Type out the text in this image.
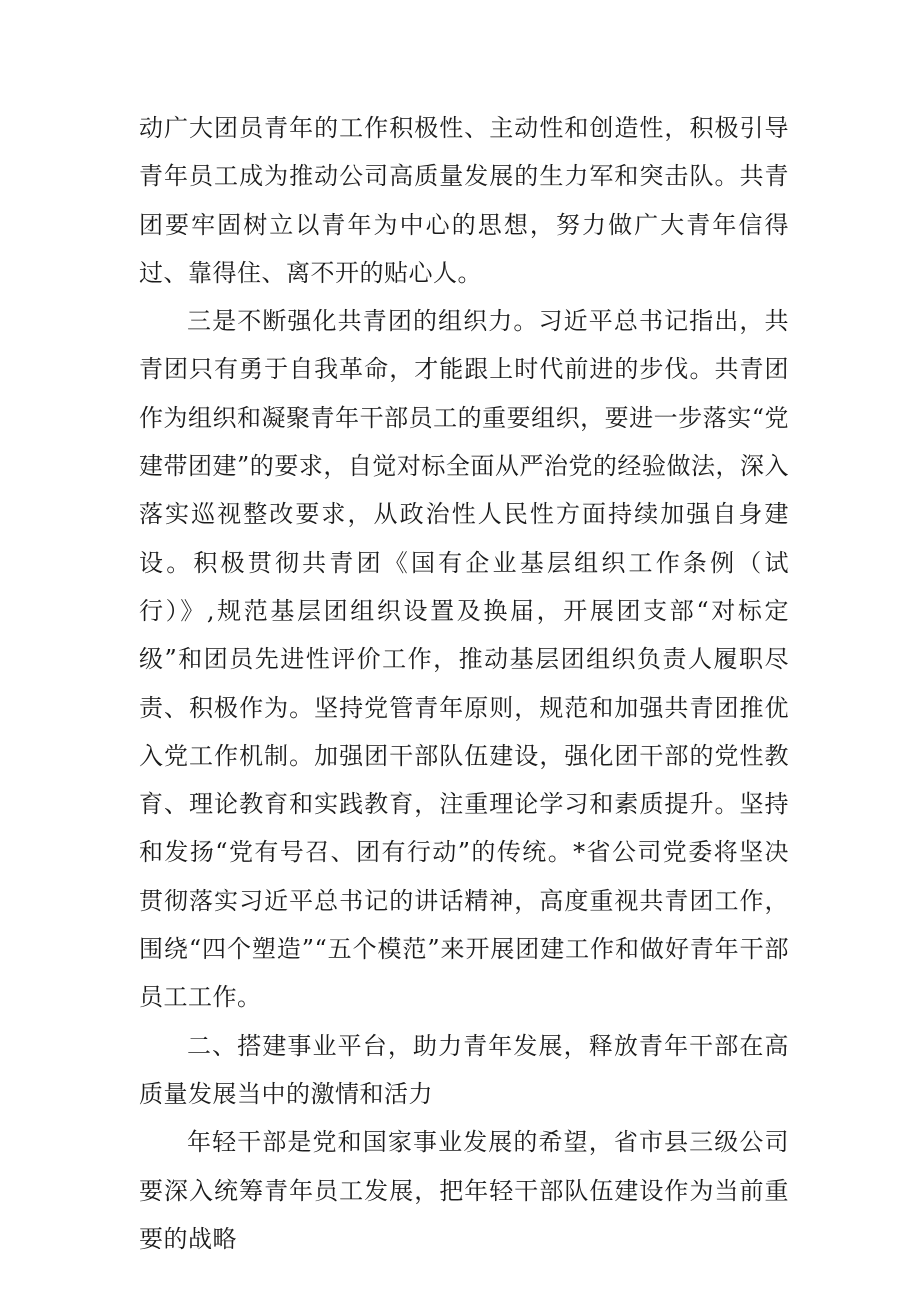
动广大团员青年的工作积极性、主动性和创造性，积极引导青年员工成为推动公司高质量发展的生力军和突击队。共青团要牢固树立以青年为中心的思想，努力做广大青年信得过、靠得住、离不开的贴心人。

三是不断强化共青团的组织力。习近平总书记指出，共青团只有勇于自我革命，才能跟上时代前进的步伐。共青团作为组织和凝聚青年干部员工的重要组织，要进一步落实“党建带团建”的要求，自觉对标全面从严治党的经验做法，深入落实巡视整改要求，从政治性人民性方面持续加强自身建设。积极贯彻共青团《国有企业基层组织工作条例（试行）》,规范基层团组织设置及换届，开展团支部“对标定级”和团员先进性评价工作，推动基层团组织负责人履职尽责、积极作为。坚持党管青年原则，规范和加强共青团推优入党工作机制。加强团干部队伍建设，强化团干部的党性教育、理论教育和实践教育，注重理论学习和素质提升。坚持和发扬“党有号召、团有行动”的传统。*省公司党委将坚决贯彻落实习近平总书记的讲话精神，高度重视共青团工作，围绕“四个塑造”“五个模范”来开展团建工作和做好青年干部员工工作。

二、搭建事业平台，助力青年发展，释放青年干部在高质量发展当中的激情和活力

年轻干部是党和国家事业发展的希望，省市县三级公司要深入统筹青年员工发展，把年轻干部队伍建设作为当前重要的战略
